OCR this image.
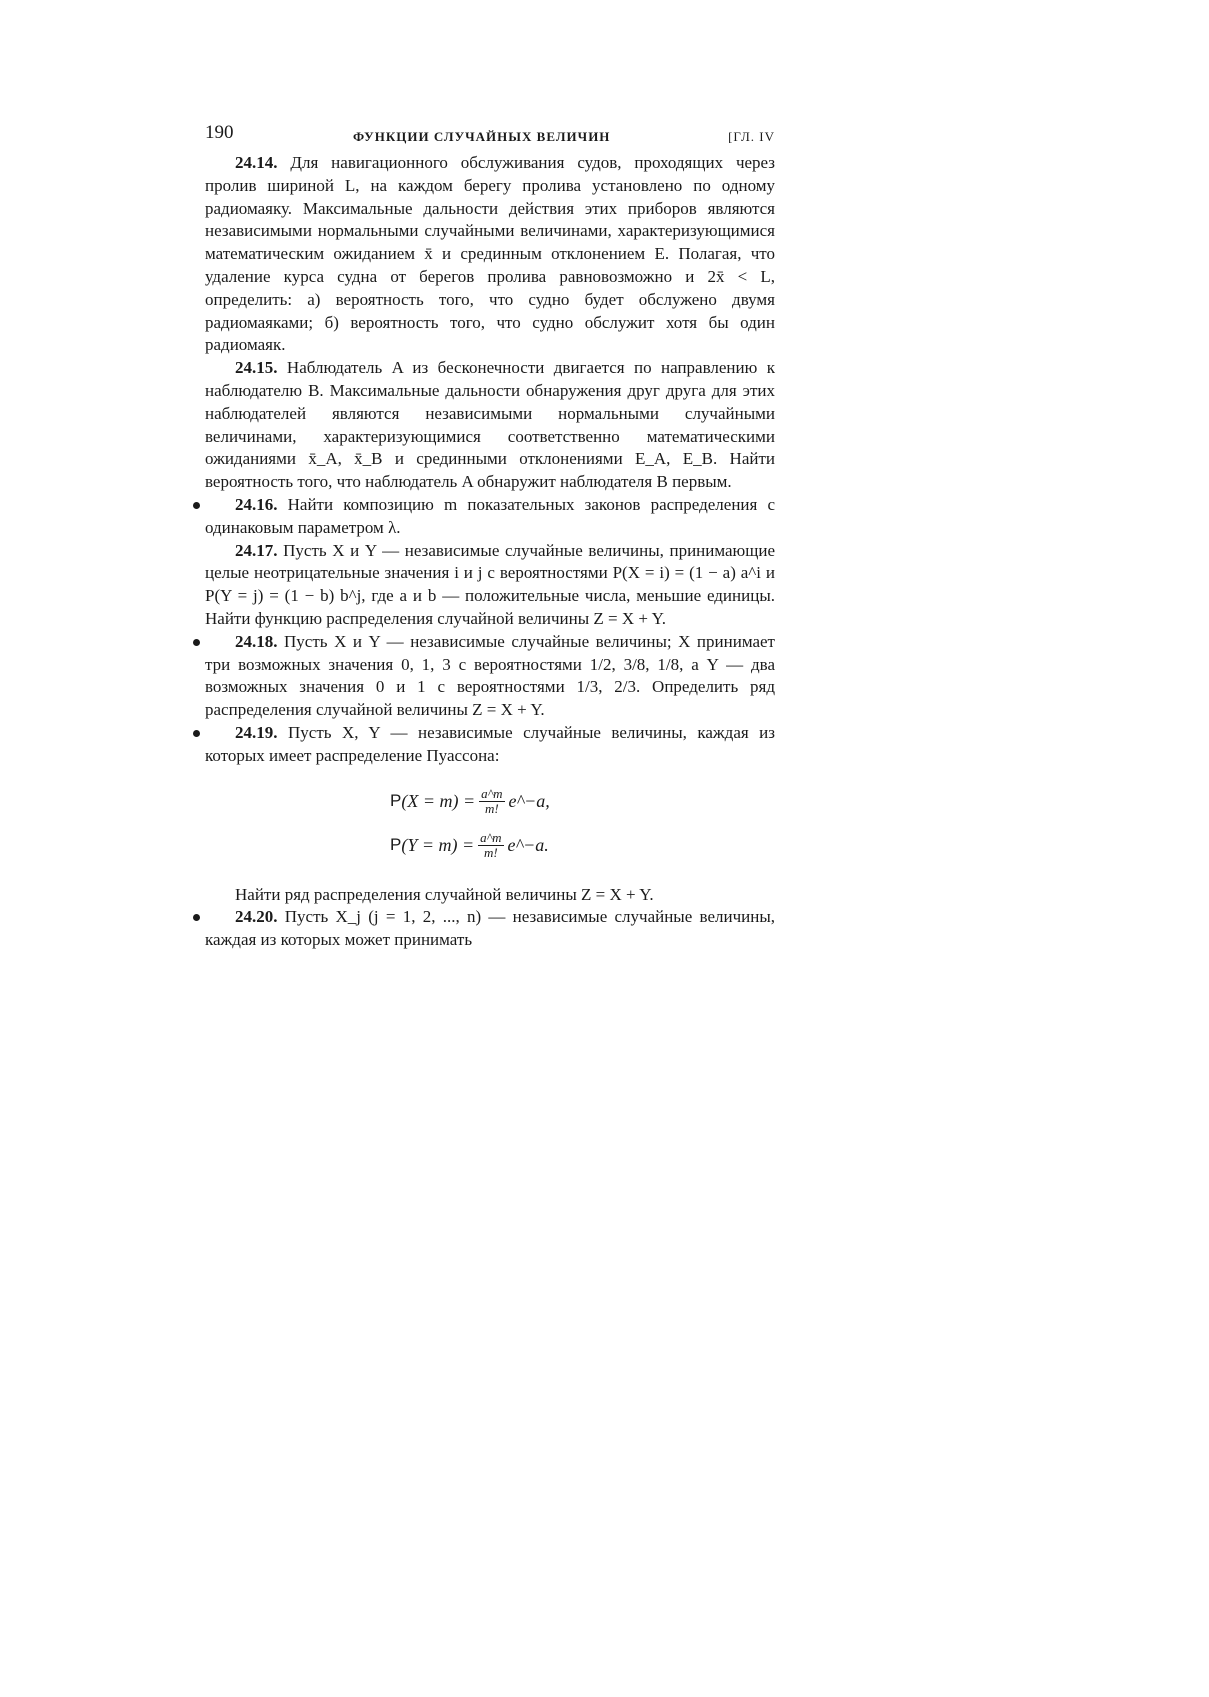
190	ФУНКЦИИ СЛУЧАЙНЫХ ВЕЛИЧИН	[ГЛ. IV

24.14. Для навигационного обслуживания судов, проходящих через пролив шириной L, на каждом берегу пролива установлено по одному радиомаяку. Максимальные дальности действия этих приборов являются независимыми нормальными случайными величинами, характеризующимися математическим ожиданием x̄ и срединным отклонением E. Полагая, что удаление курса судна от берегов пролива равновозможно и 2x̄ < L, определить: а) вероятность того, что судно будет обслужено двумя радиомаяками; б) вероятность того, что судно обслужит хотя бы один радиомаяк.

24.15. Наблюдатель A из бесконечности двигается по направлению к наблюдателю B. Максимальные дальности обнаружения друг друга для этих наблюдателей являются независимыми нормальными случайными величинами, характеризующимися соответственно математическими ожиданиями x̄_A, x̄_B и срединными отклонениями E_A, E_B. Найти вероятность того, что наблюдатель A обнаружит наблюдателя B первым.

24.16. Найти композицию m показательных законов распределения с одинаковым параметром λ.

24.17. Пусть X и Y — независимые случайные величины, принимающие целые неотрицательные значения i и j с вероятностями P(X = i) = (1 − a) a^i и P(Y = j) = (1 − b) b^j, где a и b — положительные числа, меньшие единицы. Найти функцию распределения случайной величины Z = X + Y.

24.18. Пусть X и Y — независимые случайные величины; X принимает три возможных значения 0, 1, 3 с вероятностями 1/2, 3/8, 1/8, а Y — два возможных значения 0 и 1 с вероятностями 1/3, 2/3. Определить ряд распределения случайной величины Z = X + Y.

24.19. Пусть X, Y — независимые случайные величины, каждая из которых имеет распределение Пуассона:

P $(X = m) = \frac{a\^{}m}{m!}$ e^−a,
P $(Y = m) = \frac{a\^{}m}{m!}$ e^−a.

Найти ряд распределения случайной величины Z = X + Y.

24.20. Пусть X_j (j = 1, 2, ..., n) — независимые случайные величины, каждая из которых может принимать
